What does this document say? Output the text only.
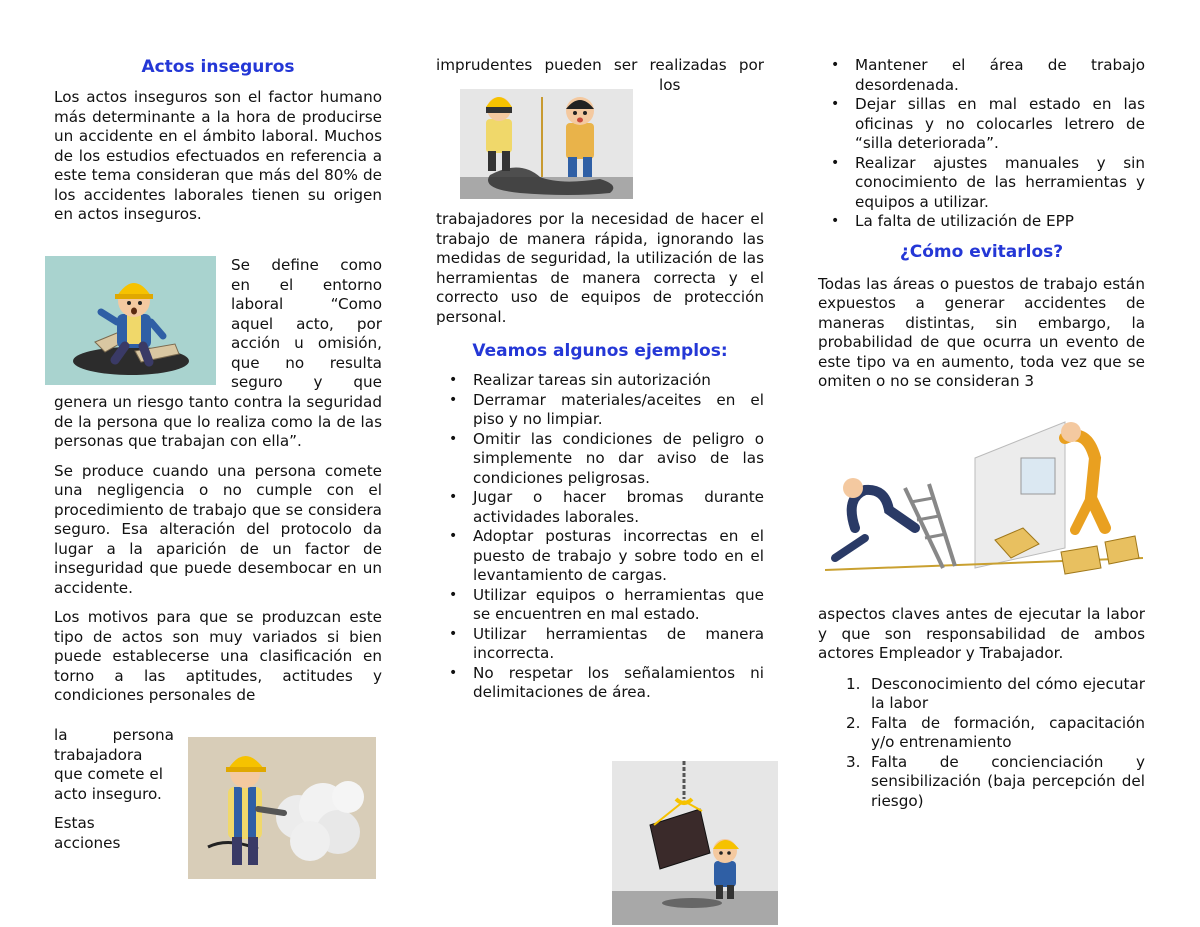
Actos inseguros

Los actos inseguros son el factor humano más determinante a la hora de producirse un accidente en el ámbito laboral. Muchos de los estudios efectuados en referencia a este tema consideran que más del 80% de los accidentes laborales tienen su origen en actos inseguros.

Se define como
en el entorno
laboral “Como
aquel acto, por
acción u omisión,
que no resulta
seguro y que

genera un riesgo tanto contra la seguridad de la persona que lo realiza como la de las personas que trabajan con ella”.

Se produce cuando una persona comete una negligencia o no cumple con el procedimiento de trabajo que se considera seguro. Esa alteración del protocolo da lugar a la aparición de un factor de inseguridad que puede desembocar en un accidente.

Los motivos para que se produzcan este tipo de actos son muy variados si bien puede establecerse una clasificación en torno a las aptitudes, actitudes y condiciones personales de

la persona
trabajadora
que comete el
acto inseguro.
Estas
acciones
imprudentes pueden ser realizadas por
los

trabajadores por la necesidad de hacer el trabajo de manera rápida, ignorando las medidas de seguridad, la utilización de las herramientas de manera correcta y el correcto uso de equipos de protección personal.

Veamos algunos ejemplos:
• Realizar tareas sin autorización
• Derramar materiales/aceites en el piso y no limpiar.
• Omitir las condiciones de peligro o simplemente no dar aviso de las condiciones peligrosas.
• Jugar o hacer bromas durante actividades laborales.
• Adoptar posturas incorrectas en el puesto de trabajo y sobre todo en el levantamiento de cargas.
• Utilizar equipos o herramientas que se encuentren en mal estado.
• Utilizar herramientas de manera incorrecta.
• No respetar los señalamientos ni delimitaciones de área.
• Mantener el área de trabajo desordenada.
• Dejar sillas en mal estado en las oficinas y no colocarles letrero de “silla deteriorada”.
• Realizar ajustes manuales y sin conocimiento de las herramientas y equipos a utilizar.
• La falta de utilización de EPP
¿Cómo evitarlos?

Todas las áreas o puestos de trabajo están expuestos a generar accidentes de maneras distintas, sin embargo, la probabilidad de que ocurra un evento de este tipo va en aumento, toda vez que se omiten o no se consideran 3

aspectos claves antes de ejecutar la labor y que son responsabilidad de ambos actores Empleador y Trabajador.

1. Desconocimiento del cómo ejecutar la labor
2. Falta de formación, capacitación y/o entrenamiento
3. Falta de concienciación y sensibilización (baja percepción del riesgo)
